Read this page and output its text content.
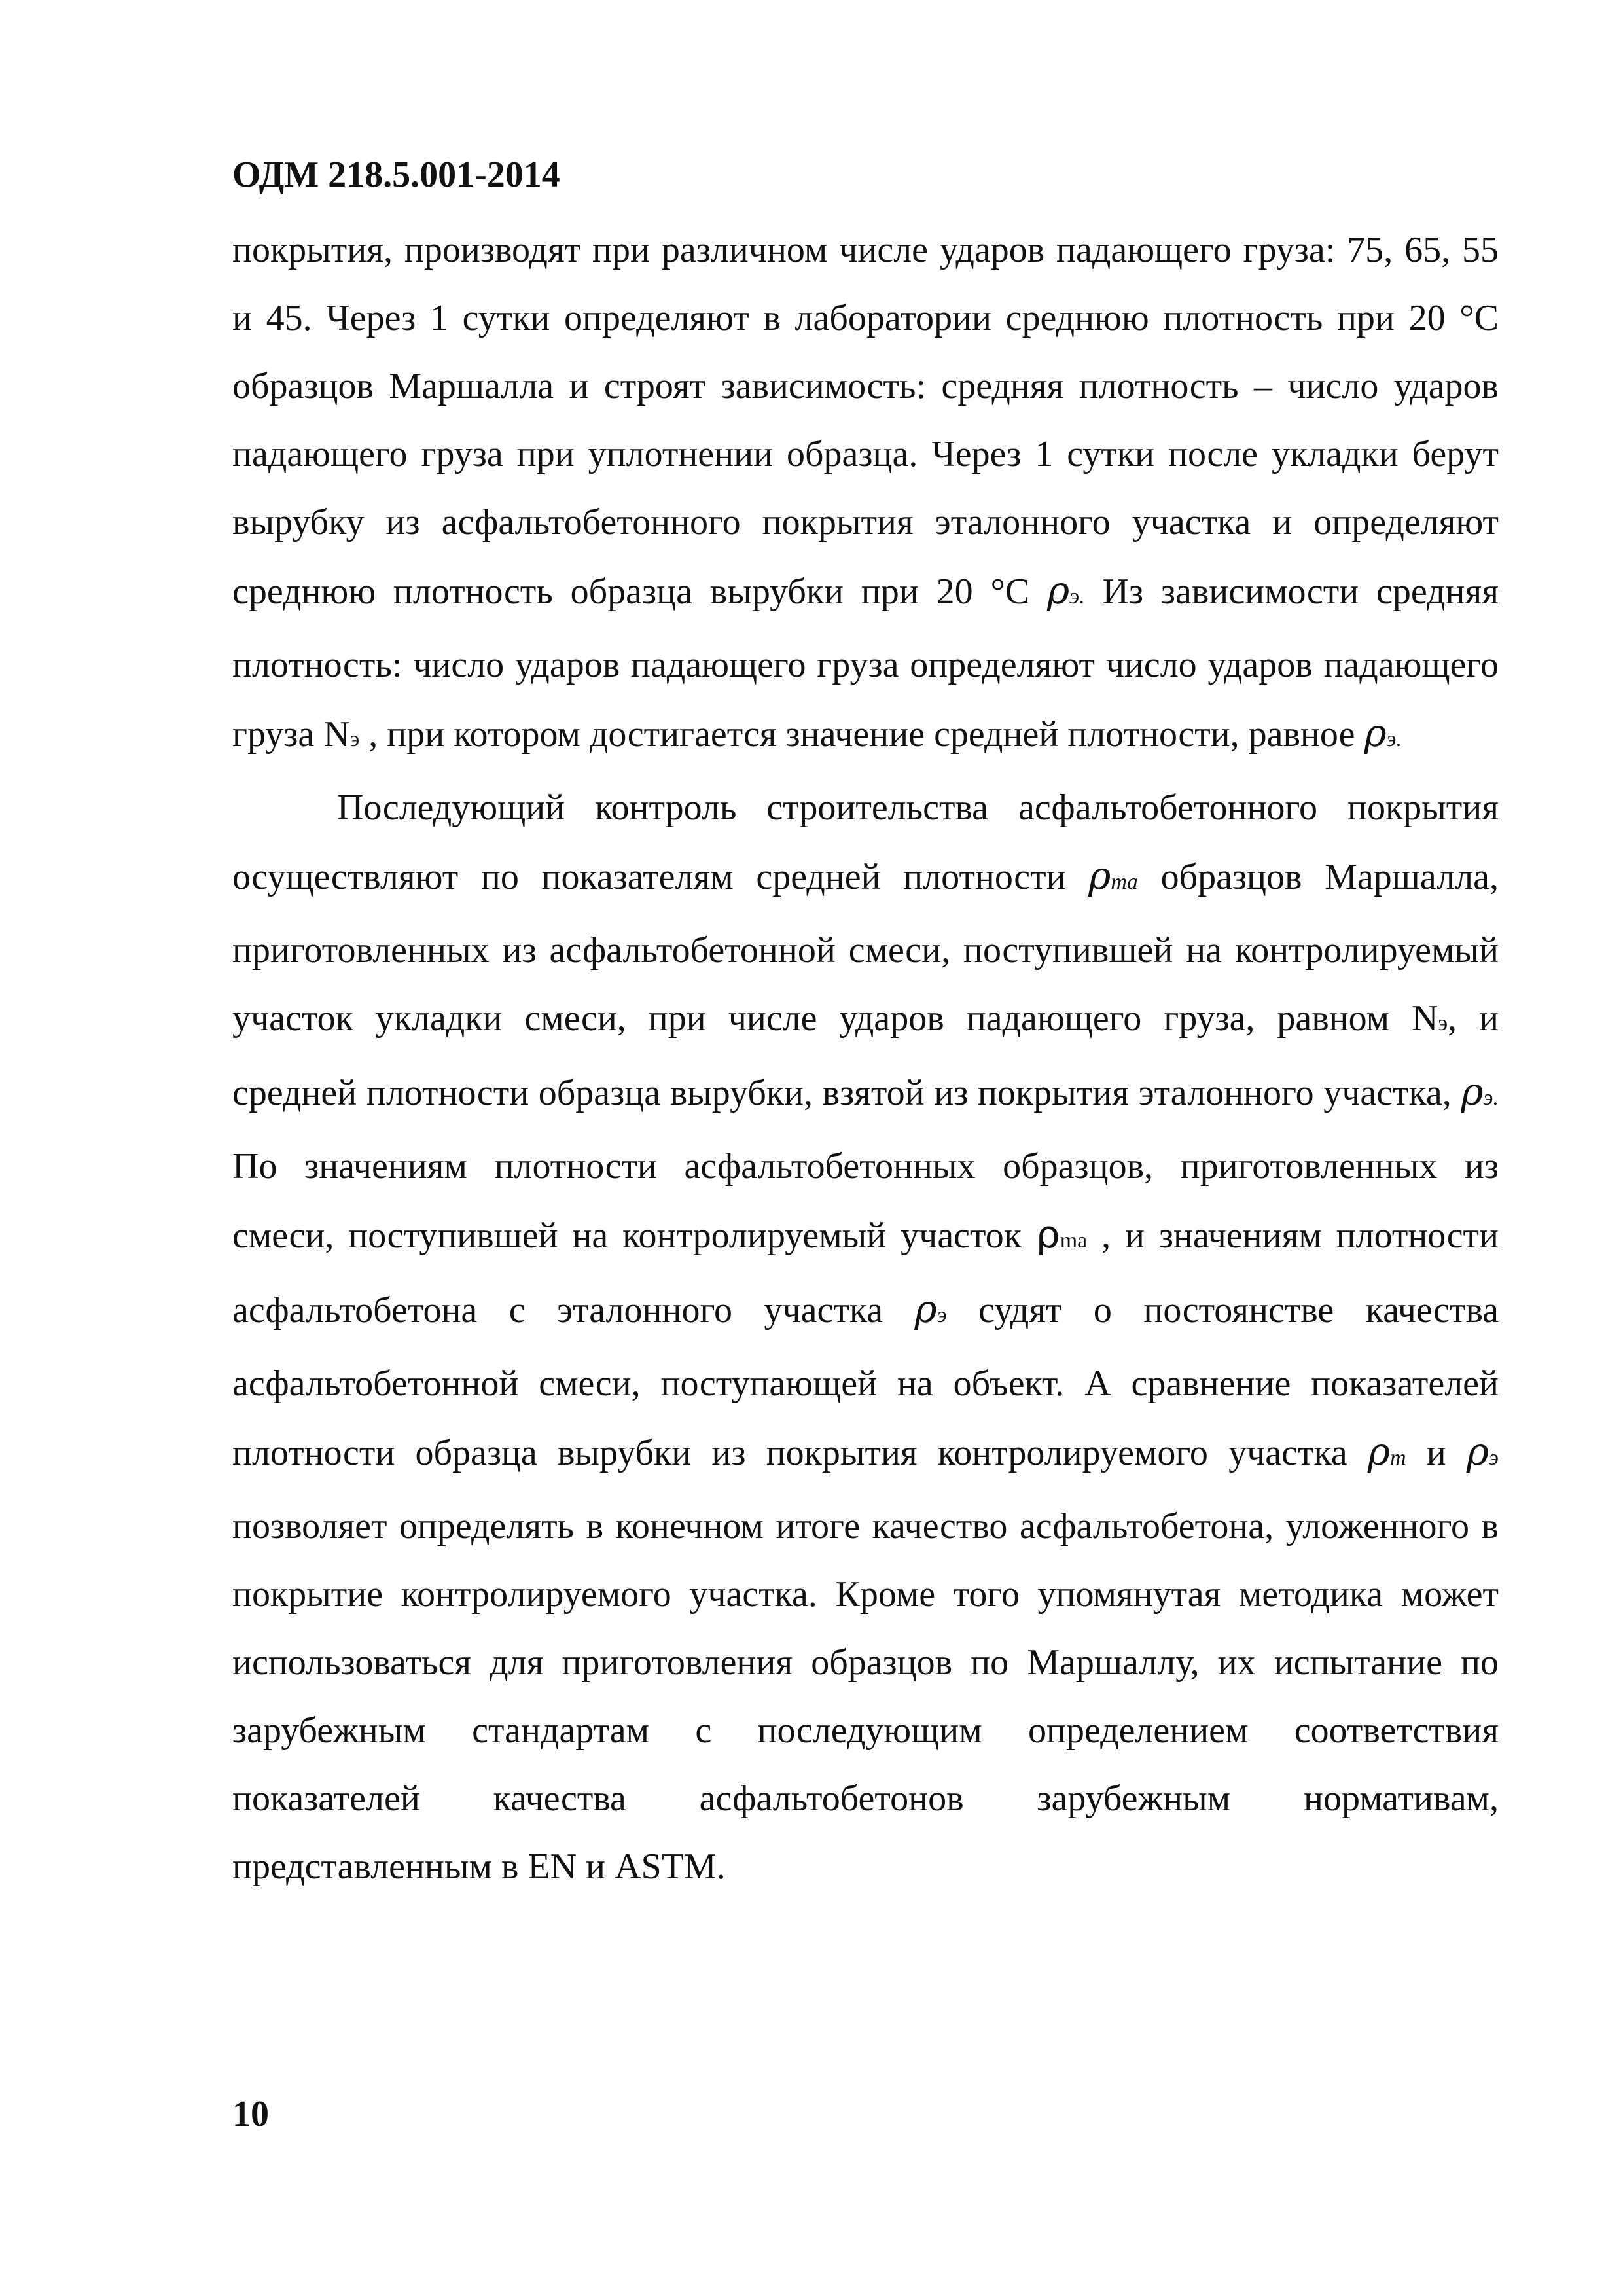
ОДМ 218.5.001-2014

покрытия, производят при различном числе ударов падающего груза: 75, 65, 55 и 45. Через 1 сутки определяют в лаборатории среднюю плотность при 20 °С образцов Маршалла и строят зависимость: средняя плотность – число ударов падающего груза при уплотнении образца. Через 1 сутки после укладки берут вырубку из асфальтобетонного покрытия эталонного участка и определяют среднюю плотность образца вырубки при 20 °С ρэ. Из зависимости средняя плотность: число ударов падающего груза определяют число ударов падающего груза Nэ , при котором достигается значение средней плотности, равное ρэ.

Последующий контроль строительства асфальтобетонного покрытия осуществляют по показателям средней плотности ρma образцов Маршалла, приготовленных из асфальтобетонной смеси, поступившей на контролируемый участок укладки смеси, при числе ударов падающего груза, равном Nэ, и средней плотности образца вырубки, взятой из покрытия эталонного участка, ρэ. По значениям плотности асфальтобетонных образцов, приготовленных из смеси, поступившей на контролируемый участок ρma , и значениям плотности асфальтобетона с эталонного участка ρэ судят о постоянстве качества асфальтобетонной смеси, поступающей на объект. А сравнение показателей плотности образца вырубки из покрытия контролируемого участка ρm и ρэ позволяет определять в конечном итоге качество асфальтобетона, уложенного в покрытие контролируемого участка. Кроме того упомянутая методика может использоваться для приготовления образцов по Маршаллу, их испытание по зарубежным стандартам с последующим определением соответствия показателей качества асфальтобетонов зарубежным нормативам, представленным в EN и ASTM.

10
